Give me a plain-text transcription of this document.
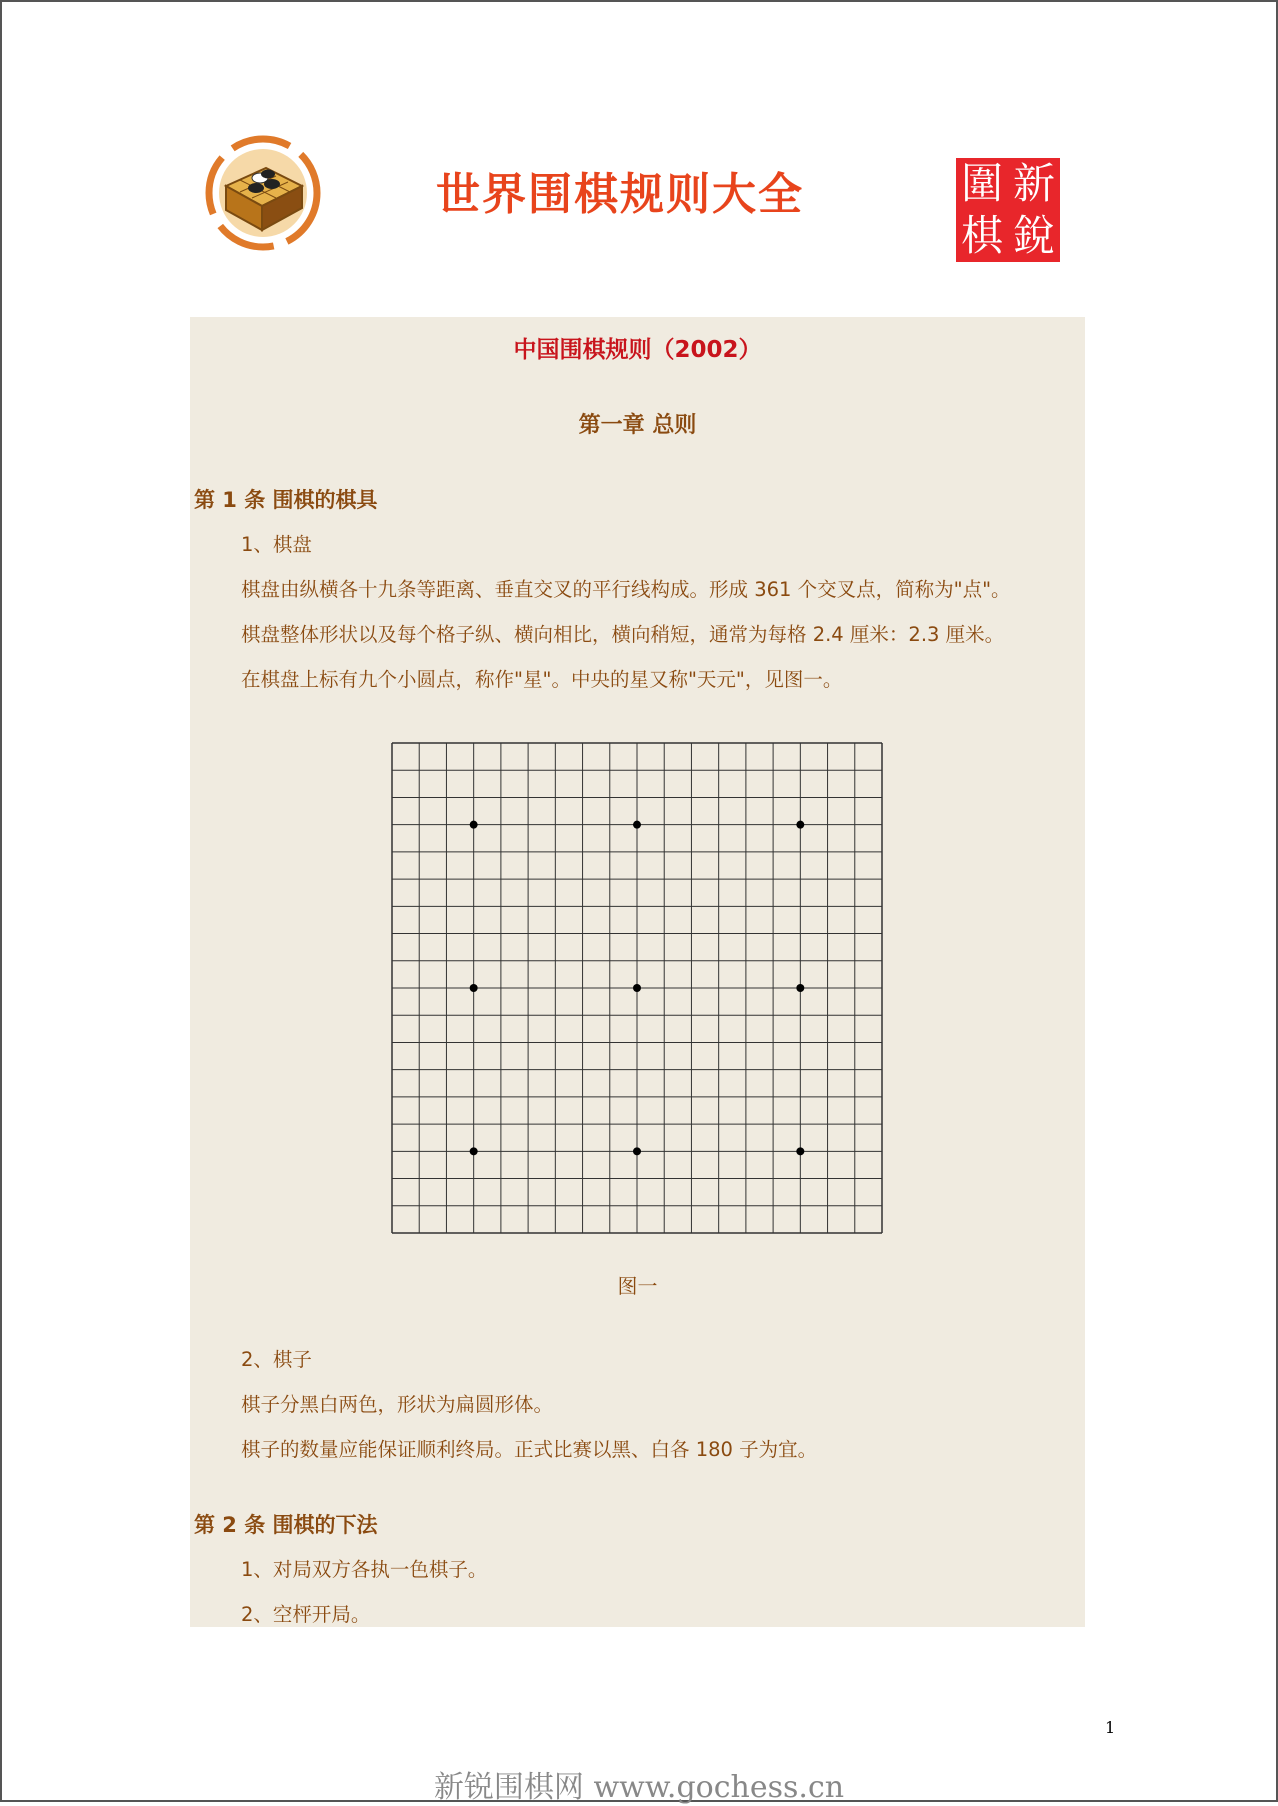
世界围棋规则大全	圍 新
棋 銳
中国围棋规则（2002）
第一章 总则
第 1 条 围棋的棋具
1、棋盘
棋盘由纵横各十九条等距离、垂直交叉的平行线构成。形成 361 个交叉点，简称为"点"。
棋盘整体形状以及每个格子纵、横向相比，横向稍短，通常为每格 2.4 厘米：2.3 厘米。
在棋盘上标有九个小圆点，称作"星"。中央的星又称"天元"，见图一。
图一
2、棋子
棋子分黑白两色，形状为扁圆形体。
棋子的数量应能保证顺利终局。正式比赛以黑、白各 180 子为宜。
第 2 条 围棋的下法
1、对局双方各执一色棋子。
2、空枰开局。
1
新锐围棋网 www.gochess.cn
